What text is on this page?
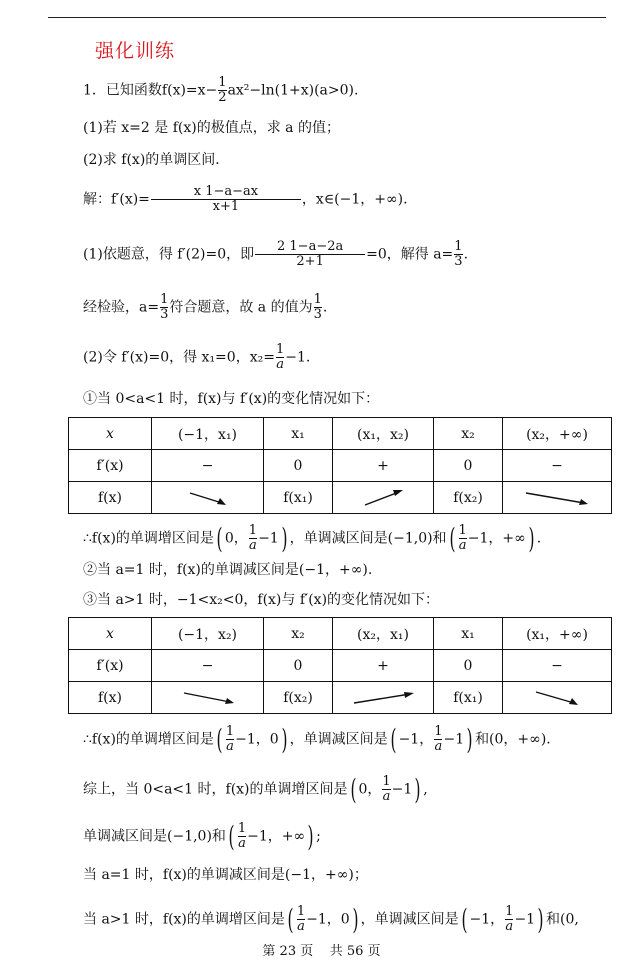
强化训练
1．已知函数$f(x)=x- \frac{1}{2} ax^2-\ln(1+x)(a>0)$.
(1)若 x=2 是 f(x)的极值点，求 a 的值；
(2)求 f(x)的单调区间．
解：$f'(x)= \frac{x 1-a-ax}{x+1}$ ，x∈(−1，+∞).
(1)依题意，得 f′(2)=0，即 $\frac{2 1-a-2a}{2+1} =0$，解得 $a= \frac{1}{3}$ .
经检验，$a= \frac{1}{3}$ 符合题意，故 a 的值为 $\frac{1}{3}$ .
(2)令 f′(x)=0，得 x₁=0，$x_2= \frac{1}{a} -1$.
①当 0<a<1 时，f(x)与 f′(x)的变化情况如下：
x	(−1，x₁)	x₁	(x₁，x₂)	x₂	(x₂，+∞)
f′(x)	−	0	+	0	−
f(x)		f(x₁)		f(x₂)	
∴f(x)的单调增区间是( 0， $\frac{1}{a} -1$) ，单调减区间是(−1,0)和( $\frac{1}{a} -1$，+∞) .
②当 a=1 时，f(x)的单调减区间是(−1，+∞).
③当 a>1 时，−1<x₂<0，f(x)与 f′(x)的变化情况如下：
x	(−1，x₂)	x₂	(x₂，x₁)	x₁	(x₁，+∞)
f′(x)	−	0	+	0	−
f(x)		f(x₂)		f(x₁)	
∴f(x)的单调增区间是( $\frac{1}{a} -1$，0) ，单调减区间是( −1， $\frac{1}{a} -1$) 和(0，+∞).
综上，当 0<a<1 时，f(x)的单调增区间是( 0， $\frac{1}{a} -1$) ,
单调减区间是(−1,0)和( $\frac{1}{a} -1$，+∞) ;
当 a=1 时，f(x)的单调减区间是(−1，+∞)；
当 a>1 时，f(x)的单调增区间是( $\frac{1}{a} -1$，0) ，单调减区间是( −1， $\frac{1}{a} -1$) 和(0,
第 23 页 共 56 页
